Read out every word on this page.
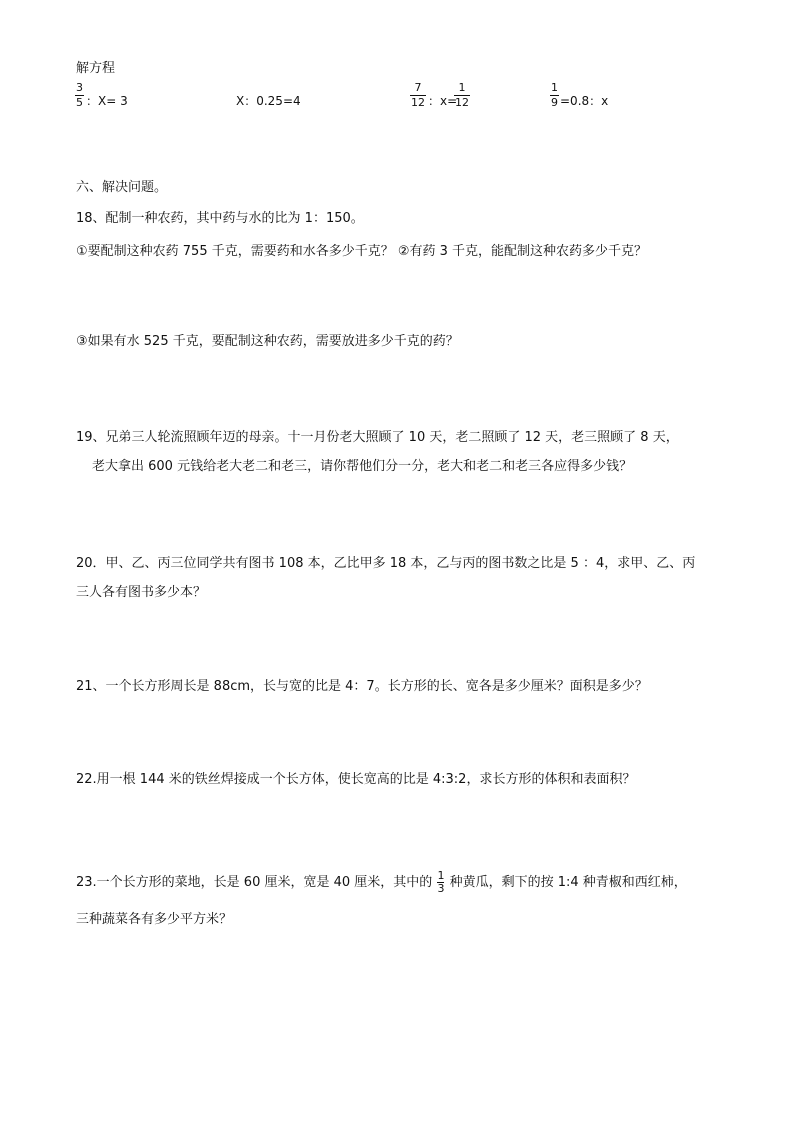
解方程
3
5 ：X= 3	X：0.25=4
7
12 ：x=
1
12
1
9 =0.8：x
六、解决问题。
18、配制一种农药，其中药与水的比为 1：150。
①要配制这种农药 755 千克，需要药和水各多少千克？ ②有药 3 千克，能配制这种农药多少千克？
③如果有水 525 千克，要配制这种农药，需要放进多少千克的药？
19、兄弟三人轮流照顾年迈的母亲。十一月份老大照顾了 10 天，老二照顾了 12 天，老三照顾了 8 天，
老大拿出 600 元钱给老大老二和老三，请你帮他们分一分，老大和老二和老三各应得多少钱？
20．甲、乙、丙三位同学共有图书 108 本，乙比甲多 18 本，乙与丙的图书数之比是 5 ：4，求甲、乙、丙
三人各有图书多少本？
21、一个长方形周长是 88cm，长与宽的比是 4：7。长方形的长、宽各是多少厘米？面积是多少？
22.用一根 144 米的铁丝焊接成一个长方体，使长宽高的比是 4:3:2，求长方形的体积和表面积？
23.一个长方形的菜地，长是 60 厘米，宽是 40 厘米，其中的 $\frac{1}{3}$ 种黄瓜，剩下的按 1:4 种青椒和西红柿，
三种蔬菜各有多少平方米？
